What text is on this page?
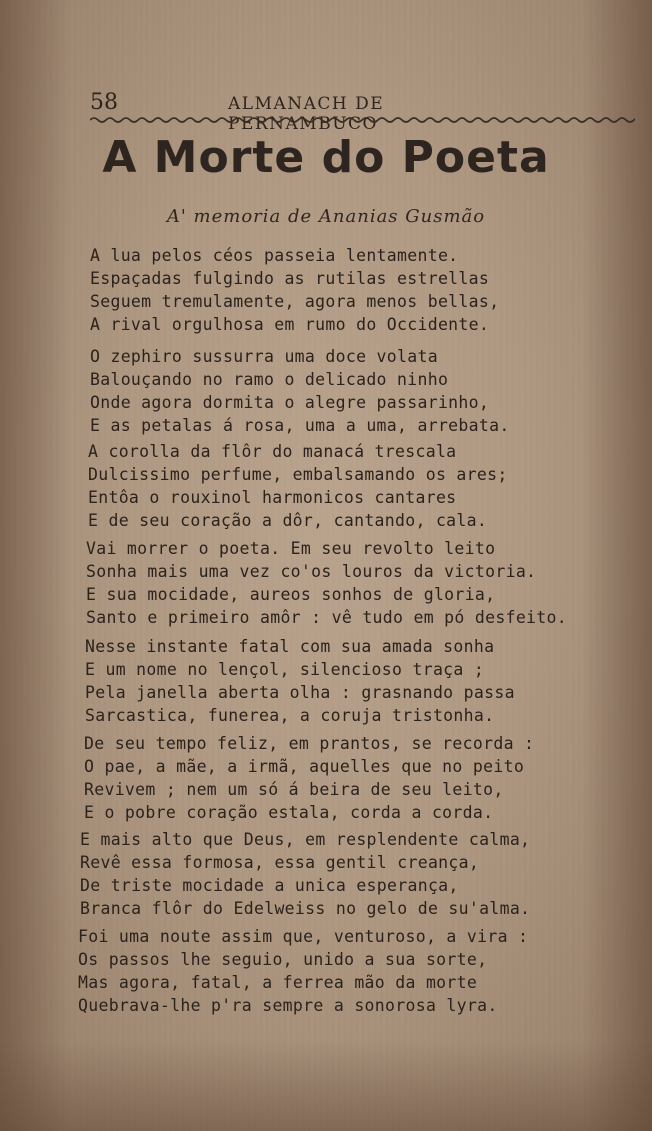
58	ALMANACH DE PERNAMBUCO
A Morte do Poeta
A' memoria de Ananias Gusmão
A lua pelos céos passeia lentamente.
Espaçadas fulgindo as rutilas estrellas
Seguem tremulamente, agora menos bellas,
A rival orgulhosa em rumo do Occidente.
O zephiro sussurra uma doce volata
Balouçando no ramo o delicado ninho
Onde agora dormita o alegre passarinho,
E as petalas á rosa, uma a uma, arrebata.
A corolla da flôr do manacá trescala
Dulcissimo perfume, embalsamando os ares;
Entôa o rouxinol harmonicos cantares
E de seu coração a dôr, cantando, cala.
Vai morrer o poeta. Em seu revolto leito
Sonha mais uma vez co'os louros da victoria.
E sua mocidade, aureos sonhos de gloria,
Santo e primeiro amôr : vê tudo em pó desfeito.
Nesse instante fatal com sua amada sonha
E um nome no lençol, silencioso traça ;
Pela janella aberta olha : grasnando passa
Sarcastica, funerea, a coruja tristonha.
De seu tempo feliz, em prantos, se recorda :
O pae, a mãe, a irmã, aquelles que no peito
Revivem ; nem um só á beira de seu leito,
E o pobre coração estala, corda a corda.
E mais alto que Deus, em resplendente calma,
Revê essa formosa, essa gentil creança,
De triste mocidade a unica esperança,
Branca flôr do Edelweiss no gelo de su'alma.
Foi uma noute assim que, venturoso, a vira :
Os passos lhe seguio, unido a sua sorte,
Mas agora, fatal, a ferrea mão da morte
Quebrava-lhe p'ra sempre a sonorosa lyra.
